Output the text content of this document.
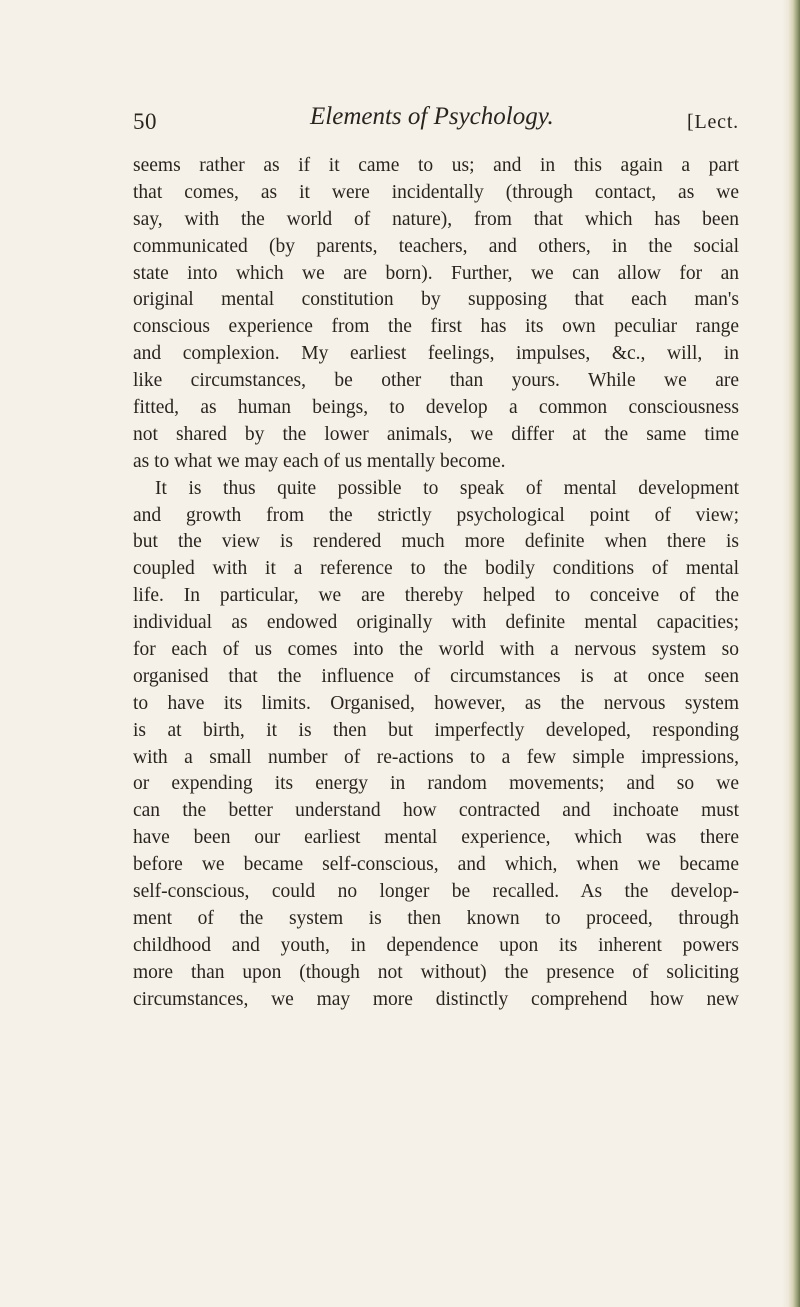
50	Elements of Psychology.	[Lect.
seems rather as if it came to us; and in this again a part
that comes, as it were incidentally (through contact, as we
say, with the world of nature), from that which has been
communicated (by parents, teachers, and others, in the social
state into which we are born). Further, we can allow for an
original mental constitution by supposing that each man's
conscious experience from the first has its own peculiar range
and complexion. My earliest feelings, impulses, &c., will, in
like circumstances, be other than yours. While we are
fitted, as human beings, to develop a common consciousness
not shared by the lower animals, we differ at the same time
as to what we may each of us mentally become.
It is thus quite possible to speak of mental development
and growth from the strictly psychological point of view;
but the view is rendered much more definite when there is
coupled with it a reference to the bodily conditions of mental
life. In particular, we are thereby helped to conceive of the
individual as endowed originally with definite mental capacities;
for each of us comes into the world with a nervous system so
organised that the influence of circumstances is at once seen
to have its limits. Organised, however, as the nervous system
is at birth, it is then but imperfectly developed, responding
with a small number of re-actions to a few simple impressions,
or expending its energy in random movements; and so we
can the better understand how contracted and inchoate must
have been our earliest mental experience, which was there
before we became self-conscious, and which, when we became
self-conscious, could no longer be recalled. As the develop-
ment of the system is then known to proceed, through
childhood and youth, in dependence upon its inherent powers
more than upon (though not without) the presence of soliciting
circumstances, we may more distinctly comprehend how new
